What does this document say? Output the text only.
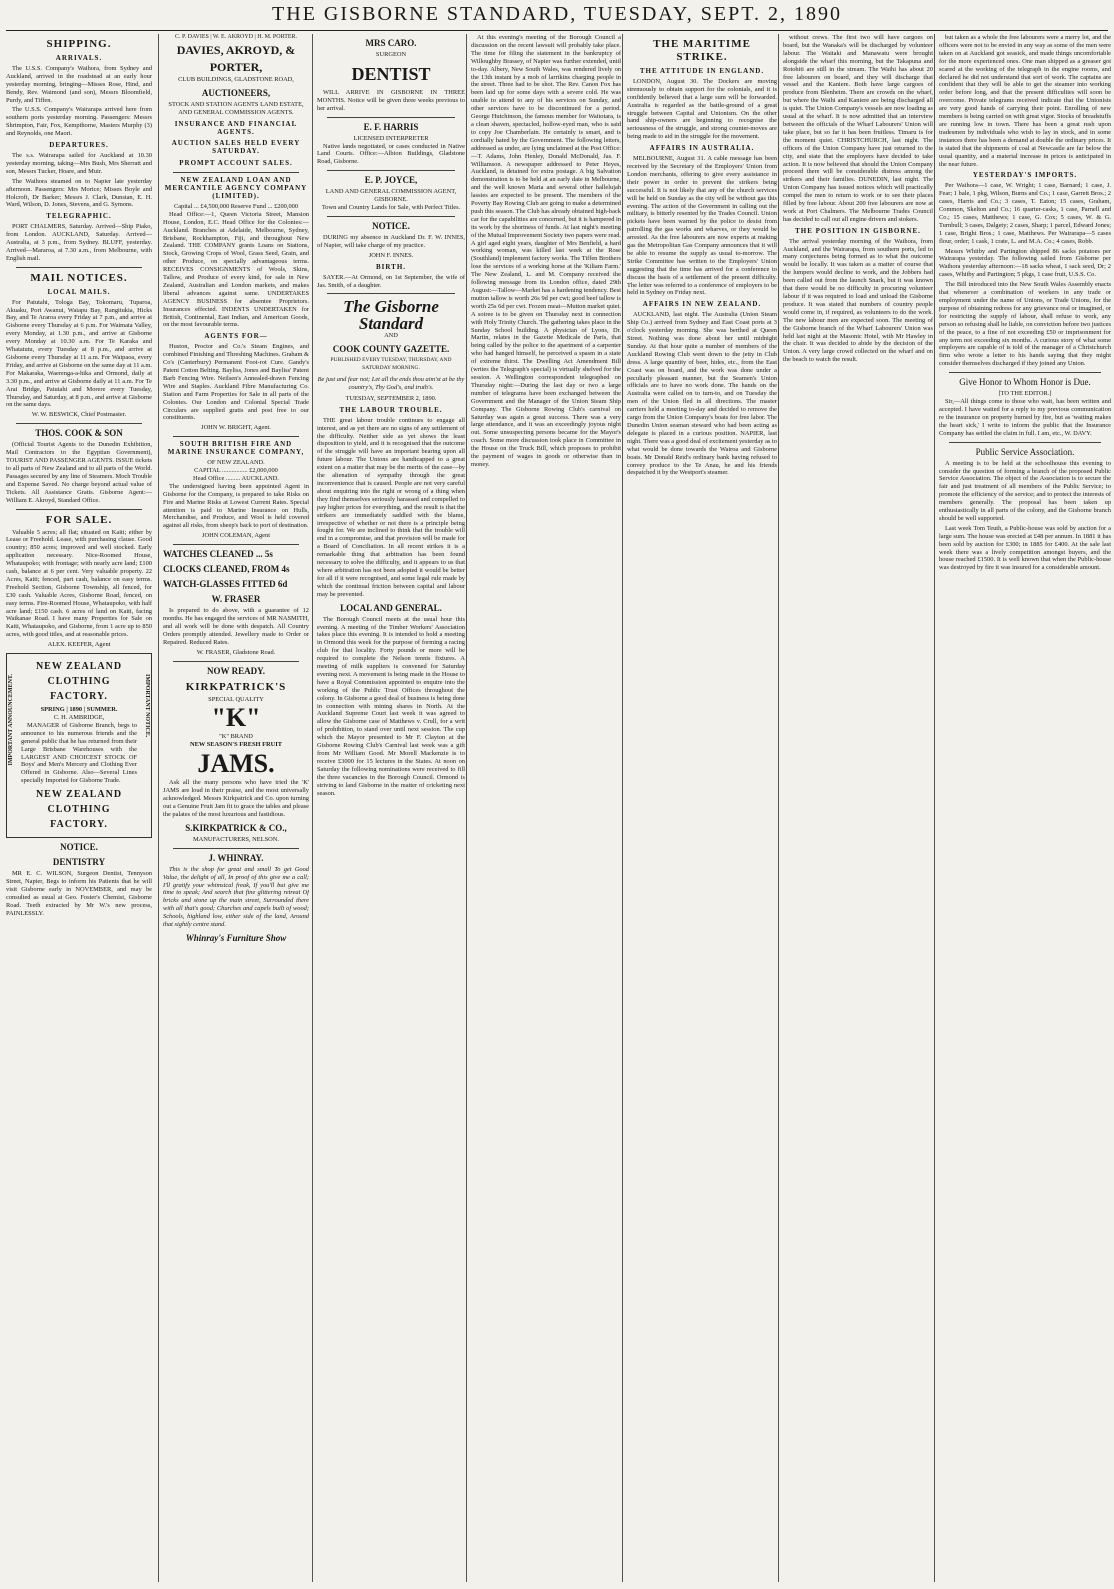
THE GISBORNE STANDARD, TUESDAY, SEPT. 2, 1890
SHIPPING.
ARRIVALS.

The U.S.S. Company's Waihora, from Sydney and Auckland, arrived in the roadstead at an early hour yesterday morning, bringing—Misses Rose, Hind, and Bendy, Rev. Waimond (and son), Messrs Bloomfield, Purdy, and Tiffen.

The U.S.S. Company's Wairarapa arrived here from southern ports yesterday morning. Passengers: Messrs Shrimpton, Fair, Fox, Kempthorne, Masters Murphy (3) and Reynolds, one Maori.

DEPARTURES.

The s.s. Wairarapa sailed for Auckland at 10.30 yesterday morning, taking—Mrs Bush, Mrs Sherratt and son, Messrs Tucker, Hoare, and Muir.

The Waihora steamed on to Napier late yesterday afternoon. Passengers: Mrs Morice; Misses Boyle and Holcroft, Dr Barker; Messrs J. Clark, Dunstan, E. H. Ward, Wilson, D. Jones, Stevens, and G. Symons.

TELEGRAPHIC.

PORT CHALMERS, Saturday. Arrived—Ship Piako, from London. AUCKLAND, Saturday. Arrived—Australia, at 3 p.m., from Sydney. BLUFF, yesterday. Arrived—Mararoa, at 7.30 a.m., from Melbourne, with English mail.

MAIL NOTICES.
LOCAL MAILS.

For Patutahi, Tologa Bay, Tokomaru, Tuparoa, Akuaku, Port Awanui, Waiapu Bay, Rangitukia, Hicks Bay, and Te Araroa every Friday at 7 p.m., and arrive at Gisborne every Thursday at 6 p.m. For Waimata Valley, every Monday, at 1.30 p.m., and arrive at Gisborne every Monday at 10.30 a.m. For Te Karaka and Whatatutu, every Tuesday at 8 p.m., and arrive at Gisborne every Thursday at 11 a.m. For Waipaoa, every Friday, and arrive at Gisborne on the same day at 11 a.m. For Makaraka, Waerenga-a-hika and Ormond, daily at 3.30 p.m., and arrive at Gisborne daily at 11 a.m. For Te Arai Bridge, Patutahi and Morere every Tuesday, Thursday, and Saturday, at 8 p.m., and arrive at Gisborne on the same days.

W. W. BESWICK, Chief Postmaster.
THOS. COOK & SON

(Official Tourist Agents to the Dunedin Exhibition, Mail Contractors to the Egyptian Government), TOURIST AND PASSENGER AGENTS. ISSUE tickets to all parts of New Zealand and to all parts of the World. Passages secured by any line of Steamers. Moch Trouble and Expense Saved. No charge beyond actual value of Tickets. All Assistance Gratis. Gisborne Agent:—William E. Akroyd, Standard Office.

FOR SALE.

Valuable 5 acres; all flat; situated on Kaiti; either by Lease or Freehold. Lease, with purchasing clause. Good country; 850 acres; improved and well stocked. Early application necessary. Nice-Roomed House, Whataupoko; with frontage; with nearly acre land; £100 cash, balance at 6 per cent. Very valuable property. 22 Acres, Kaiti; fenced, part cash, balance on easy terms. Freehold Section, Gisborne Township, all fenced, for £30 cash. Valuable Acres, Gisborne Road, fenced, on easy terms. Fire-Roomed House, Whataupoko, with half acre land; £150 cash. 6 acres of land on Kaiti, facing Waikanae Road. I have many Properties for Sale on Kaiti, Whataupoko, and Gisborne, from 1 acre up to 850 acres, with good titles, and at reasonable prices.

ALEX. KEEFER, Agent
IMPORTANT ANNOUNCEMENT.	IMPORTANT NOTICE.
NEW ZEALAND CLOTHING FACTORY.
SPRING | 1890 | SUMMER.
C. H. AMBRIDGE,

MANAGER of Gisborne Branch, begs to announce to his numerous friends and the general public that he has returned from their Large Brisbane Warehouses with the LARGEST AND CHOICEST STOCK OF Boys' and Men's Mercery and Clothing Ever Offered in Gisborne. Also—Several Lines specially Imported for Gisborne Trade.

NEW ZEALAND CLOTHING FACTORY.
NOTICE.
DENTISTRY

MR E. C. WILSON, Surgeon Dentist, Tennyson Street, Napier, Begs to inform his Patients that he will visit Gisborne early in NOVEMBER, and may be consulted as usual at Geo. Foster's Chemist, Gisborne Road. Teeth extracted by Mr W.'s new process, PAINLESSLY.

C. P. DAVIES | W. E. AKROYD | H. M. PORTER.
DAVIES, AKROYD, & PORTER,
CLUB BUILDINGS, GLADSTONE ROAD,
AUCTIONEERS,
STOCK AND STATION AGENTS LAND ESTATE, AND GENERAL COMMISSION AGENTS.
INSURANCE AND FINANCIAL AGENTS.
AUCTION SALES HELD EVERY SATURDAY.
PROMPT ACCOUNT SALES.
NEW ZEALAND LOAN AND MERCANTILE AGENCY COMPANY (LIMITED).
Capital ... £4,500,000 Reserve Fund ... £200,000

Head Office:—1, Queen Victoria Street, Mansion House, London, E.C. Head Office for the Colonies:—Auckland. Branches at Adelaide, Melbourne, Sydney, Brisbane, Rockhampton, Fiji, and throughout New Zealand. THE COMPANY grants Loans on Stations, Stock, Growing Crops of Wool, Grass Seed, Grain, and other Produce, on specially advantageous terms. RECEIVES CONSIGNMENTS of Wools, Skins, Tallow, and Produce of every kind, for sale in New Zealand, Australian and London markets, and makes liberal advances against same. UNDERTAKES AGENCY BUSINESS for absentee Proprietors. Insurances effected. INDENTS UNDERTAKEN for British, Continental, East Indian, and American Goods, on the most favourable terms.

AGENTS FOR—

Huston, Proctor and Co.'s Steam Engines, and combined Finishing and Threshing Machines. Graham & Co's (Canterbury) Permanent Foot-rot Cure. Gandy's Patent Cotton Belting. Bayliss, Jones and Bayliss' Patent Barb Fencing Wire. Neilsen's Annealed-drawn Fencing Wire and Staples. Auckland Fibre Manufacturing Co. Station and Farm Properties for Sale in all parts of the Colonies. Our London and Colonial Special Trade Circulars are supplied gratis and post free to our constituents.

JOHN W. BRIGHT, Agent.
SOUTH BRITISH FIRE AND MARINE INSURANCE COMPANY,
OF NEW ZEALAND.
CAPITAL ................ £2,000,000
Head Office ......... AUCKLAND.

The undersigned having been appointed Agent in Gisborne for the Company, is prepared to take Risks on Fire and Marine Risks at Lowest Current Rates. Special attention is paid to Marine Insurance on Hulls, Merchandise, and Produce, and Wool is held covered against all risks, from sheep's back to port of destination.

JOHN COLEMAN, Agent
WATCHES CLEANED ... 5s
CLOCKS CLEANED, FROM 4s
WATCH-GLASSES FITTED 6d
W. FRASER

Is prepared to do above, with a guarantee of 12 months. He has engaged the services of MR NASMITH, and all work will be done with despatch. All Country Orders promptly attended. Jewellery made to Order or Repaired. Reduced Rates.

W. FRASER, Gladstone Road.
NOW READY.
KIRKPATRICK'S
SPECIAL QUALITY
"K"
"K" BRAND
NEW SEASON'S FRESH FRUIT
JAMS.

Ask all the many persons who have tried the 'K' JAMS are loud in their praise, and the most universally acknowledged. Messrs Kirkpatrick and Co. upon turning out a Genuine Fruit Jam fit to grace the tables and please the palates of the most luxurious and fastidious.

S.KIRKPATRICK & CO.,
MANUFACTURERS, NELSON.
J. WHINRAY.

This is the shop for great and small To get Good Value, the delight of all, In proof of this give me a call; I'll gratify your whimsical freak, If you'll but give me time to speak; And search that fine glittering retreat Of bricks and stone up the main street, Surrounded there with all that's good; Churches and capels built of wood; Schools, highland low, either side of the land, Around that sightly centre stand.

Whinray's Furniture Show
MRS CARO.
SURGEON
DENTIST

WILL ARRIVE IN GISBORNE IN THREE MONTHS. Notice will be given three weeks previous to her arrival.

E. F. HARRIS
LICENSED INTERPRETER

Native lands negotiated, or cases conducted in Native Land Courts. Office:—Albion Buildings, Gladstone Road, Gisborne.

E. P. JOYCE,
LAND AND GENERAL COMMISSION AGENT, GISBORNE.
Town and Country Lands for Sale, with Perfect Titles.
NOTICE.

DURING my absence in Auckland Dr. F. W. INNES, of Napier, will take charge of my practice.

JOHN F. INNES.
BIRTH.

SAYER.—At Ormond, on 1st September, the wife of Jas. Smith, of a daughter.

The Gisborne Standard
AND
COOK COUNTY GAZETTE.
PUBLISHED EVERY TUESDAY, THURSDAY, AND SATURDAY MORNING.
Be just and fear not; Let all the ends thou aim'st at be thy country's, Thy God's, and truth's.
TUESDAY, SEPTEMBER 2, 1890.
THE LABOUR TROUBLE.

THE great labour trouble continues to engage all interest, and as yet there are no signs of any settlement of the difficulty. Neither side as yet shows the least disposition to yield, and it is recognised that the outcome of the struggle will have an important bearing upon all future labour. The Unions are handicapped to a great extent on a matter that may be the merits of the case—by the alienation of sympathy through the great inconvenience that is caused. People are not very careful about enquiring into the right or wrong of a thing when they find themselves seriously harassed and compelled to pay higher prices for everything, and the result is that the strikers are immediately saddled with the blame, irrespective of whether or not there is a principle being fought for. We are inclined to think that the trouble will end in a compromise, and that provision will be made for a Board of Conciliation. In all recent strikes it is a remarkable thing that arbitration has been found necessary to solve the difficulty, and it appears to us that where arbitration has not been adopted it would be better for all if it were recognised, and some legal rule made by which the continual friction between capital and labour may be prevented.

LOCAL AND GENERAL.

The Borough Council meets at the usual hour this evening. A meeting of the Timber Workers' Association takes place this evening. It is intended to hold a meeting in Ormond this week for the purpose of forming a racing club for that locality. Forty pounds or more will be required to complete the Nelson tennis fixtures. A meeting of milk suppliers is convened for Saturday evening next. A movement is being made in the House to have a Royal Commission appointed to enquire into the working of the Public Trust Offices throughout the colony. In Gisborne a good deal of business is being done in connection with mining shares in North. At the Auckland Supreme Court last week it was agreed to allow the Gisborne case of Matthews v. Crull, for a writ of prohibition, to stand over until next session. The cup which the Mayor presented to Mr F. Clayton at the Gisborne Rowing Club's Carnival last week was a gift from Mr William Good. Mr Morell Mackenzie is to receive £3000 for 15 lectures in the States. At noon on Saturday the following nominations were received to fill the three vacancies in the Borough Council. Ormond is striving to land Gisborne in the matter of cricketing next season.

At this evening's meeting of the Borough Council a discussion on the recent lawsuit will probably take place. The time for filing the statement in the bankruptcy of Willoughby Brassey, of Napier was further extended, until to-day. Albery, New South Wales, was rendered lively on the 13th instant by a mob of larrikins charging people in the street. Three had to be shot. The Rev. Canon Fox has been laid up for some days with a severe cold. He was unable to attend to any of his services on Sunday, and other services have to be discontinued for a period. George Hutchinson, the famous member for Waitotara, is a clean shaven, spectacled, hollow-eyed man, who is said to copy Joe Chamberlain. He certainly is smart, and is cordially hated by the Government. The following letters, addressed as under, are lying unclaimed at the Post Office:—T. Adams, John Henley, Donald McDonald, Jas. F. Williamson. A newspaper addressed to Peter Heyes, Auckland, is detained for extra postage. A big Salvation demonstration is to be held at an early date in Melbourne, and the well known Maria and several other hallelujah lassies are expected to be present. The members of the Poverty Bay Rowing Club are going to make a determined push this season. The Club has already obtained high-back car for the capabilities are concerned, but it is hampered in its work by the shortness of funds. At last night's meeting of the Mutual Improvement Society two papers were read. A girl aged eight years, daughter of Mrs Benfield, a hard working woman, was killed last week at the Rose (Southland) implement factory works. The Tiffen Brothers lose the services of a working horse at the 'Kiliam Farm.' The New Zealand, L. and M. Company received the following message from its London office, dated 29th August:—Tallow—Market has a hardening tendency. Best mutton tallow is worth 26s 9d per cwt; good beef tallow is worth 25s 6d per cwt. Frozen meat—Mutton market quiet. A soiree is to be given on Thursday next in connection with Holy Trinity Church. The gathering takes place in the Sunday School building. A physician of Lyons, Dr. Martin, relates in the Gazette Medicale de Paris, that being called by the police to the apartment of a carpenter who had hanged himself, he perceived a spasm in a state of extreme thirst. The Dwelling Act Amendment Bill (writes the Telegraph's special) is virtually shelved for the session. A Wellington correspondent telegraphed on Thursday night:—During the last day or two a large number of telegrams have been exchanged between the Government and the Manager of the Union Steam Ship Company. The Gisborne Rowing Club's carnival on Saturday was again a great success. There was a very large attendance, and it was an exceedingly joyous night out. Some unsuspecting persons became for the Mayor's coach. Some more discussion took place in Committee in the House on the Truck Bill, which proposes to prohibit the payment of wages in goods or otherwise than in money.

THE MARITIME STRIKE.
THE ATTITUDE IN ENGLAND.

LONDON, August 30. The Dockers are moving strenuously to obtain support for the colonials, and it is confidently believed that a large sum will be forwarded. Australia is regarded as the battle-ground of a great struggle between Capital and Unionism. On the other hand ship-owners are beginning to recognise the seriousness of the struggle, and strong counter-moves are being made to aid in the struggle for the movement.

AFFAIRS IN AUSTRALIA.

MELBOURNE, August 31. A cable message has been received by the Secretary of the Employers' Union from London merchants, offering to give every assistance in their power in order to prevent the strikers being successful. It is not likely that any of the church services will be held on Sunday as the city will be without gas this evening. The action of the Government in calling out the military, is bitterly resented by the Trades Council. Union pickets have been warned by the police to desist from patrolling the gas works and wharves, or they would be arrested. As the free labourers are now experts at making gas the Metropolitan Gas Company announces that it will be able to resume the supply as usual to-morrow. The Strike Committee has written to the Employers' Union suggesting that the time has arrived for a conference to discuss the basis of a settlement of the present difficulty. The letter was referred to a conference of employers to be held in Sydney on Friday next.

AFFAIRS IN NEW ZEALAND.

AUCKLAND, last night. The Australia (Union Steam Ship Co.) arrived from Sydney and East Coast ports at 3 o'clock yesterday morning. She was berthed at Queen Street. Nothing was done about her until midnight Sunday. At that hour quite a number of members of the Auckland Rowing Club went down to the jetty in Club dress. A large quantity of beer, hides, etc., from the East Coast was on board, and the work was done under a peculiarly pleasant manner, but the Seamen's Union officials are to have no work done. The hands on the Australia were called on to turn-to, and on Tuesday the men of the Union fled in all directions. The master carriers held a meeting to-day and decided to remove the cargo from the Union Company's boats for free labor. The Dunedin Union seaman steward who had been acting as delegate is placed in a curious position. NAPIER, last night. There was a good deal of excitement yesterday as to what would be done towards the Wairoa and Gisborne boats. Mr Donald Reid's ordinary bank having refused to convey produce to the Te Anau, he and his friends despatched it by the Westport's steamer.

without crews. The first two will have cargoes on board, but the Wanaka's will be discharged by volunteer labour. The Waitaki and Manawatu were brought alongside the wharf this morning, but the Takapuna and Rotohiti are still in the stream. The Waihi has about 20 free labourers on board, and they will discharge that vessel and the Kaniere. Both have large cargoes of produce from Blenheim. There are crowds on the wharf, but where the Waihi and Kaniere are being discharged all is quiet. The Union Company's vessels are now loading as usual at the wharf. It is now admitted that an interview between the officials of the Wharf Labourers' Union will take place, but so far it has been fruitless. Timaru is for the moment quiet. CHRISTCHURCH, last night. The officers of the Union Company have just returned to the city, and state that the employers have decided to take action. It is now believed that should the Union Company proceed there will be considerable distress among the strikers and their families. DUNEDIN, last night. The Union Company has issued notices which will practically compel the men to return to work or to see their places filled by free labour. About 200 free labourers are now at work at Port Chalmers. The Melbourne Trades Council has decided to call out all engine drivers and stokers.

THE POSITION IN GISBORNE.

The arrival yesterday morning of the Waihora, from Auckland, and the Wairarapa, from southern ports, led to many conjectures being formed as to what the outcome would be locally. It was taken as a matter of course that the lumpers would decline to work, and the Jobbers had been called out from the launch Snark, but it was known that there would be no difficulty in procuring volunteer labour if it was required to load and unload the Gisborne produce. It was stated that numbers of country people would come in, if required, as volunteers to do the work. The new labour men are expected soon. The meeting of the Gisborne branch of the Wharf Labourers' Union was held last night at the Masonic Hotel, with Mr Hawley in the chair. It was decided to abide by the decision of the Union. A very large crowd collected on the wharf and on the beach to watch the result.

but taken as a whole the free labourers were a merry lot, and the officers were not to be envied in any way as some of the men were taken on at Auckland got seasick, and made things uncomfortable for the more experienced ones. One man shipped as a greaser got scared at the working of the telegraph in the engine rooms, and declared he did not understand that sort of work. The captains are confident that they will be able to get the steamer into working order before long, and that the present difficulties will soon be overcome. Private telegrams received indicate that the Unionists are very good hands of carrying their point. Enrolling of new members is being carried on with great vigor. Stocks of breadstuffs are running low in town. There has been a great rush upon tradesmen by individuals who wish to lay in stock, and in some instances there has been a demand at double the ordinary prices. It is stated that the shipments of coal at Newcastle are far below the usual quantity, and a material increase in prices is anticipated in the near future.

YESTERDAY'S IMPORTS.

Per Waihora—1 case, W. Wright; 1 case, Barnard; 1 case, J. Fear; 1 bale, 1 pkg, Wilson, Burns and Co.; 1 case, Garrett Bros.; 2 cases, Harris and Co.; 3 cases, T. Eaton; 15 cases, Graham, Common, Skelton and Co.; 16 quarter-casks, 1 case, Parnell and Co.; 15 cases, Matthews; 1 case, G. Cox; 5 cases, W. & G. Turnbull; 3 cases, Dalgety; 2 cases, Sharp; 1 parcel, Edward Jones; 1 case, Bright Bros.; 1 case, Matthews. Per Wairarapa—5 cases flour, order; 1 cask, 1 crate, L. and M.A. Co.; 4 cases, Robb.

Messrs Whitby and Partington shipped 86 sacks potatoes per Wairarapa yesterday. The following sailed from Gisborne per Waihora yesterday afternoon:—18 sacks wheat, 1 sack seed, Dr; 2 cases, Whitby and Partington; 5 pkgs, 1 case fruit, U.S.S. Co.

The Bill introduced into the New South Wales Assembly enacts that whenever a combination of workers in any trade or employment under the name of Unions, or Trade Unions, for the purpose of obtaining redress for any grievance real or imagined, or for restricting the supply of labour, shall refuse to work, any person so refusing shall be liable, on conviction before two justices of the peace, to a fine of not exceeding £50 or imprisonment for any term not exceeding six months. A curious story of what some employers are capable of is told of the manager of a Christchurch firm who wrote a letter to his hands saying that they might consider themselves discharged if they joined any Union.

Give Honor to Whom Honor is Due.
[TO THE EDITOR.]

Sir,—All things come to those who wait, has been written and accepted. I have waited for a reply to my previous communication re the insurance on property burned by fire, but as 'waiting makes the heart sick,' I write to inform the public that the Insurance Company has settled the claim in full. I am, etc., W. DAVY.

Public Service Association.

A meeting is to be held at the schoolhouse this evening to consider the question of forming a branch of the proposed Public Service Association. The object of the Association is to secure the fair and just treatment of all members of the Public Service; to promote the efficiency of the service; and to protect the interests of members generally. The proposal has been taken up enthusiastically in all parts of the colony, and the Gisborne branch should be well supported.

Last week Tom Teuth, a Public-house was sold by auction for a large sum. The house was erected at £48 per annum. In 1881 it has been sold by auction for £300; in 1885 for £400. At the sale last week there was a lively competition amongst buyers, and the house reached £1500. It is well known that when the Public-house was destroyed by fire it was insured for a considerable amount.
